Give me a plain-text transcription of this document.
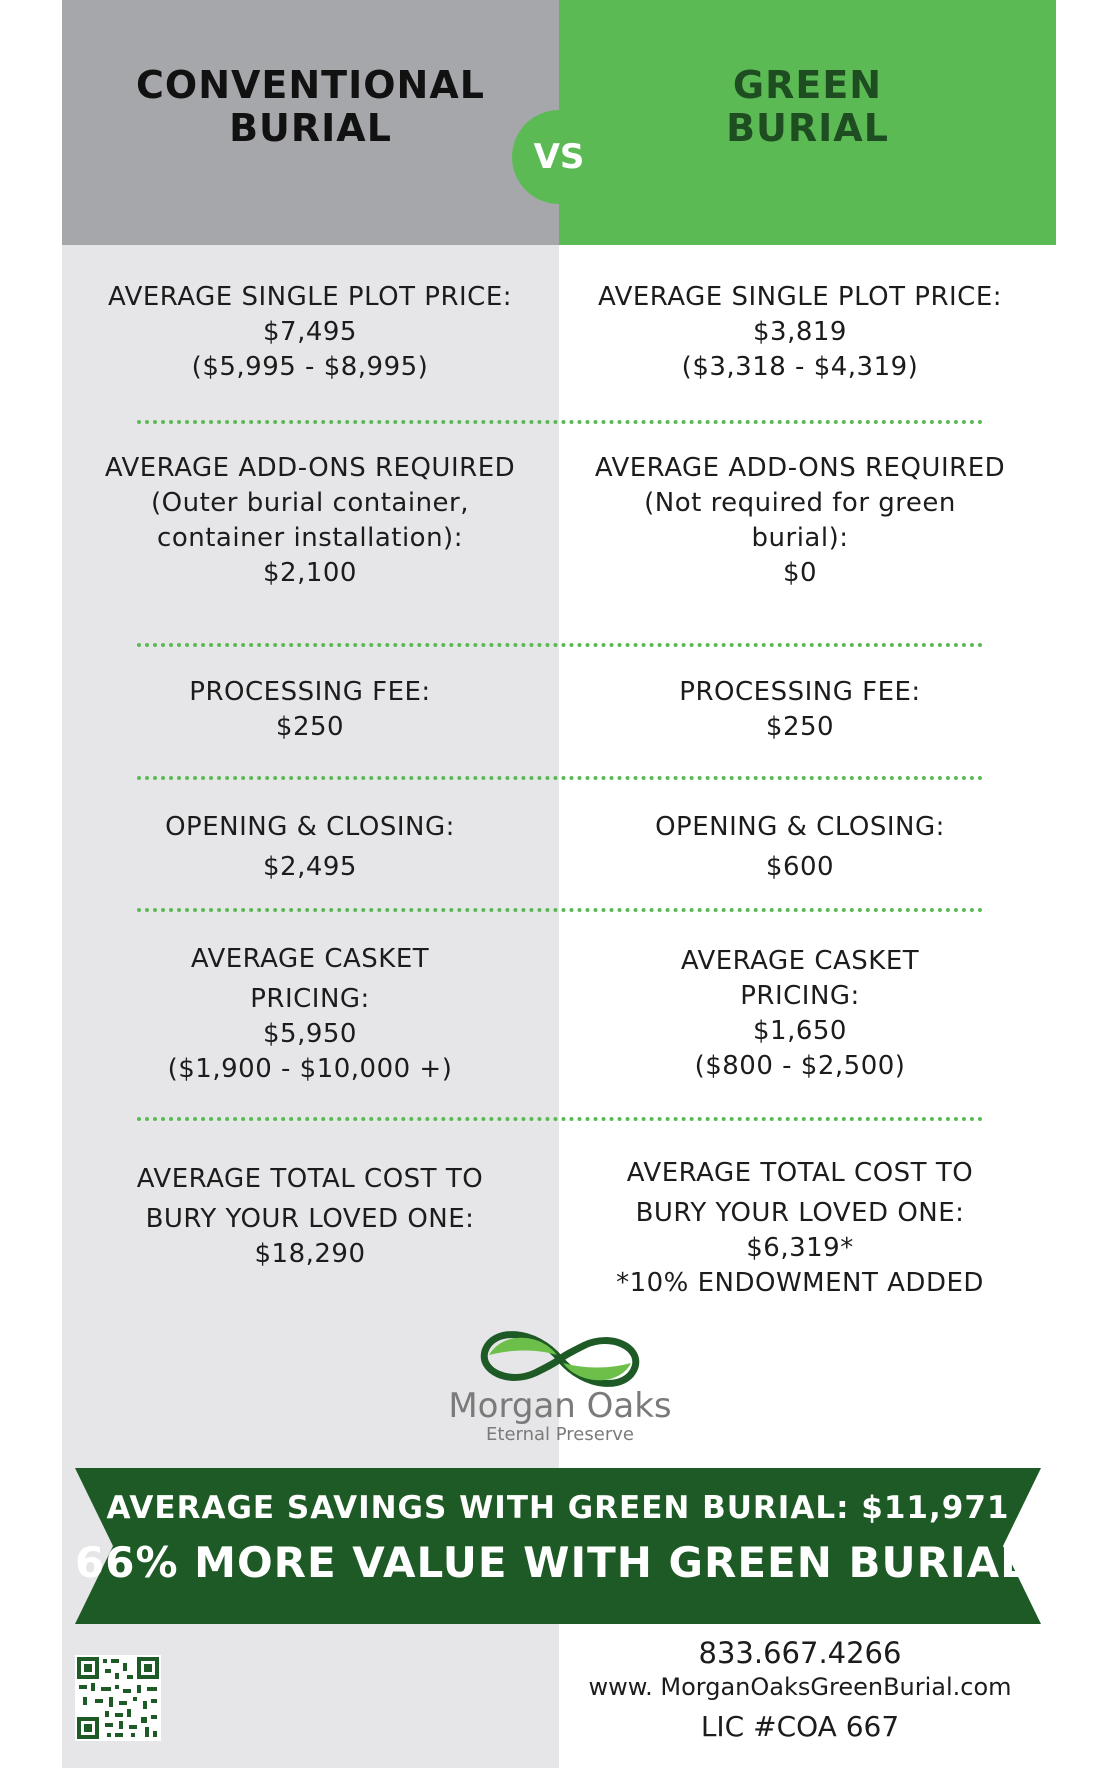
CONVENTIONAL
BURIAL
GREEN
BURIAL
VS
AVERAGE SINGLE PLOT PRICE:
$7,495
($5,995 - $8,995)
AVERAGE SINGLE PLOT PRICE:
$3,819
($3,318 - $4,319)
AVERAGE ADD-ONS REQUIRED
(Outer burial container,
container installation):
$2,100
AVERAGE ADD-ONS REQUIRED
(Not required for green
burial):
$0
PROCESSING FEE:
$250
PROCESSING FEE:
$250
OPENING & CLOSING:
$2,495
OPENING & CLOSING:
$600
AVERAGE CASKET
PRICING:
$5,950
($1,900 - $10,000 +)
AVERAGE CASKET
PRICING:
$1,650
($800 - $2,500)
AVERAGE TOTAL COST TO
BURY YOUR LOVED ONE:
$18,290
AVERAGE TOTAL COST TO
BURY YOUR LOVED ONE:
$6,319*
*10% ENDOWMENT ADDED
Morgan Oaks
Eternal Preserve
AVERAGE SAVINGS WITH GREEN BURIAL: $11,971
66% MORE VALUE WITH GREEN BURIAL!
833.667.4266
www. MorganOaksGreenBurial.com
LIC #COA 667
